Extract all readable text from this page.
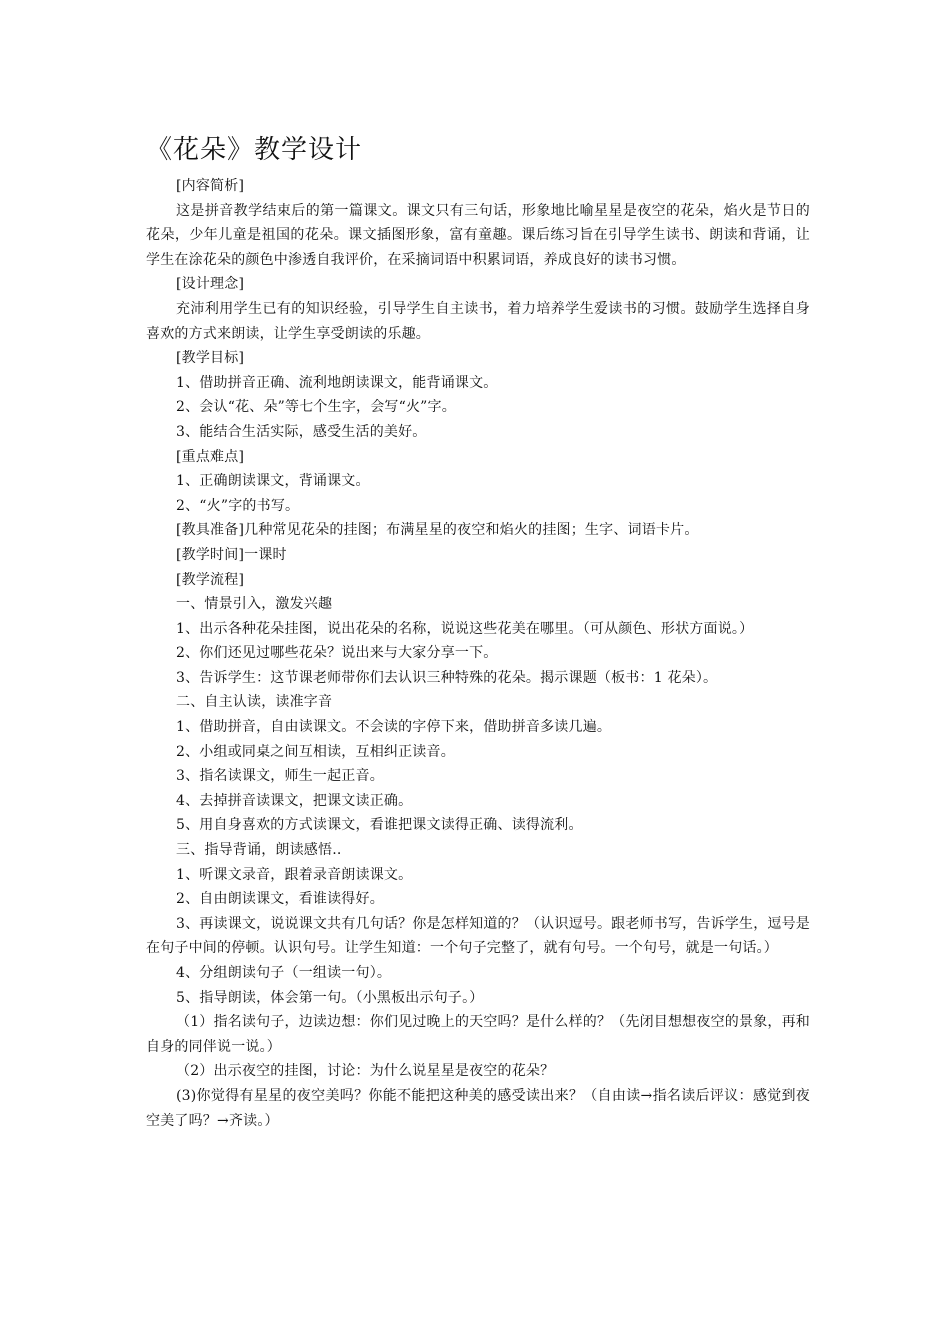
《花朵》教学设计

[内容简析]

这是拼音教学结束后的第一篇课文。课文只有三句话，形象地比喻星星是夜空的花朵，焰火是节日的花朵，少年儿童是祖国的花朵。课文插图形象，富有童趣。课后练习旨在引导学生读书、朗读和背诵，让学生在涂花朵的颜色中渗透自我评价，在采摘词语中积累词语，养成良好的读书习惯。

[设计理念]

充沛利用学生已有的知识经验，引导学生自主读书，着力培养学生爱读书的习惯。鼓励学生选择自身喜欢的方式来朗读，让学生享受朗读的乐趣。

[教学目标]

1、借助拼音正确、流利地朗读课文，能背诵课文。

2、会认“花、朵”等七个生字，会写“火”字。

3、能结合生活实际，感受生活的美好。

[重点难点]

1、正确朗读课文，背诵课文。

2、“火”字的书写。

[教具准备]几种常见花朵的挂图；布满星星的夜空和焰火的挂图；生字、词语卡片。

[教学时间]一课时

[教学流程]

一、情景引入，激发兴趣

1、出示各种花朵挂图，说出花朵的名称，说说这些花美在哪里。（可从颜色、形状方面说。）

2、你们还见过哪些花朵？说出来与大家分享一下。

3、告诉学生：这节课老师带你们去认识三种特殊的花朵。揭示课题（板书：1 花朵）。

二、自主认读，读准字音

1、借助拼音，自由读课文。不会读的字停下来，借助拼音多读几遍。

2、小组或同桌之间互相读，互相纠正读音。

3、指名读课文，师生一起正音。

4、去掉拼音读课文，把课文读正确。

5、用自身喜欢的方式读课文，看谁把课文读得正确、读得流利。

三、指导背诵，朗读感悟..

1、听课文录音，跟着录音朗读课文。

2、自由朗读课文，看谁读得好。

3、再读课文，说说课文共有几句话？你是怎样知道的？（认识逗号。跟老师书写，告诉学生，逗号是在句子中间的停顿。认识句号。让学生知道：一个句子完整了，就有句号。一个句号，就是一句话。）

4、分组朗读句子（一组读一句）。

5、指导朗读，体会第一句。（小黑板出示句子。）

（1）指名读句子，边读边想：你们见过晚上的天空吗？是什么样的？（先闭目想想夜空的景象，再和自身的同伴说一说。）

（2）出示夜空的挂图，讨论：为什么说星星是夜空的花朵？

(3)你觉得有星星的夜空美吗？你能不能把这种美的感受读出来？（自由读→指名读后评议：感觉到夜空美了吗？→齐读。）
